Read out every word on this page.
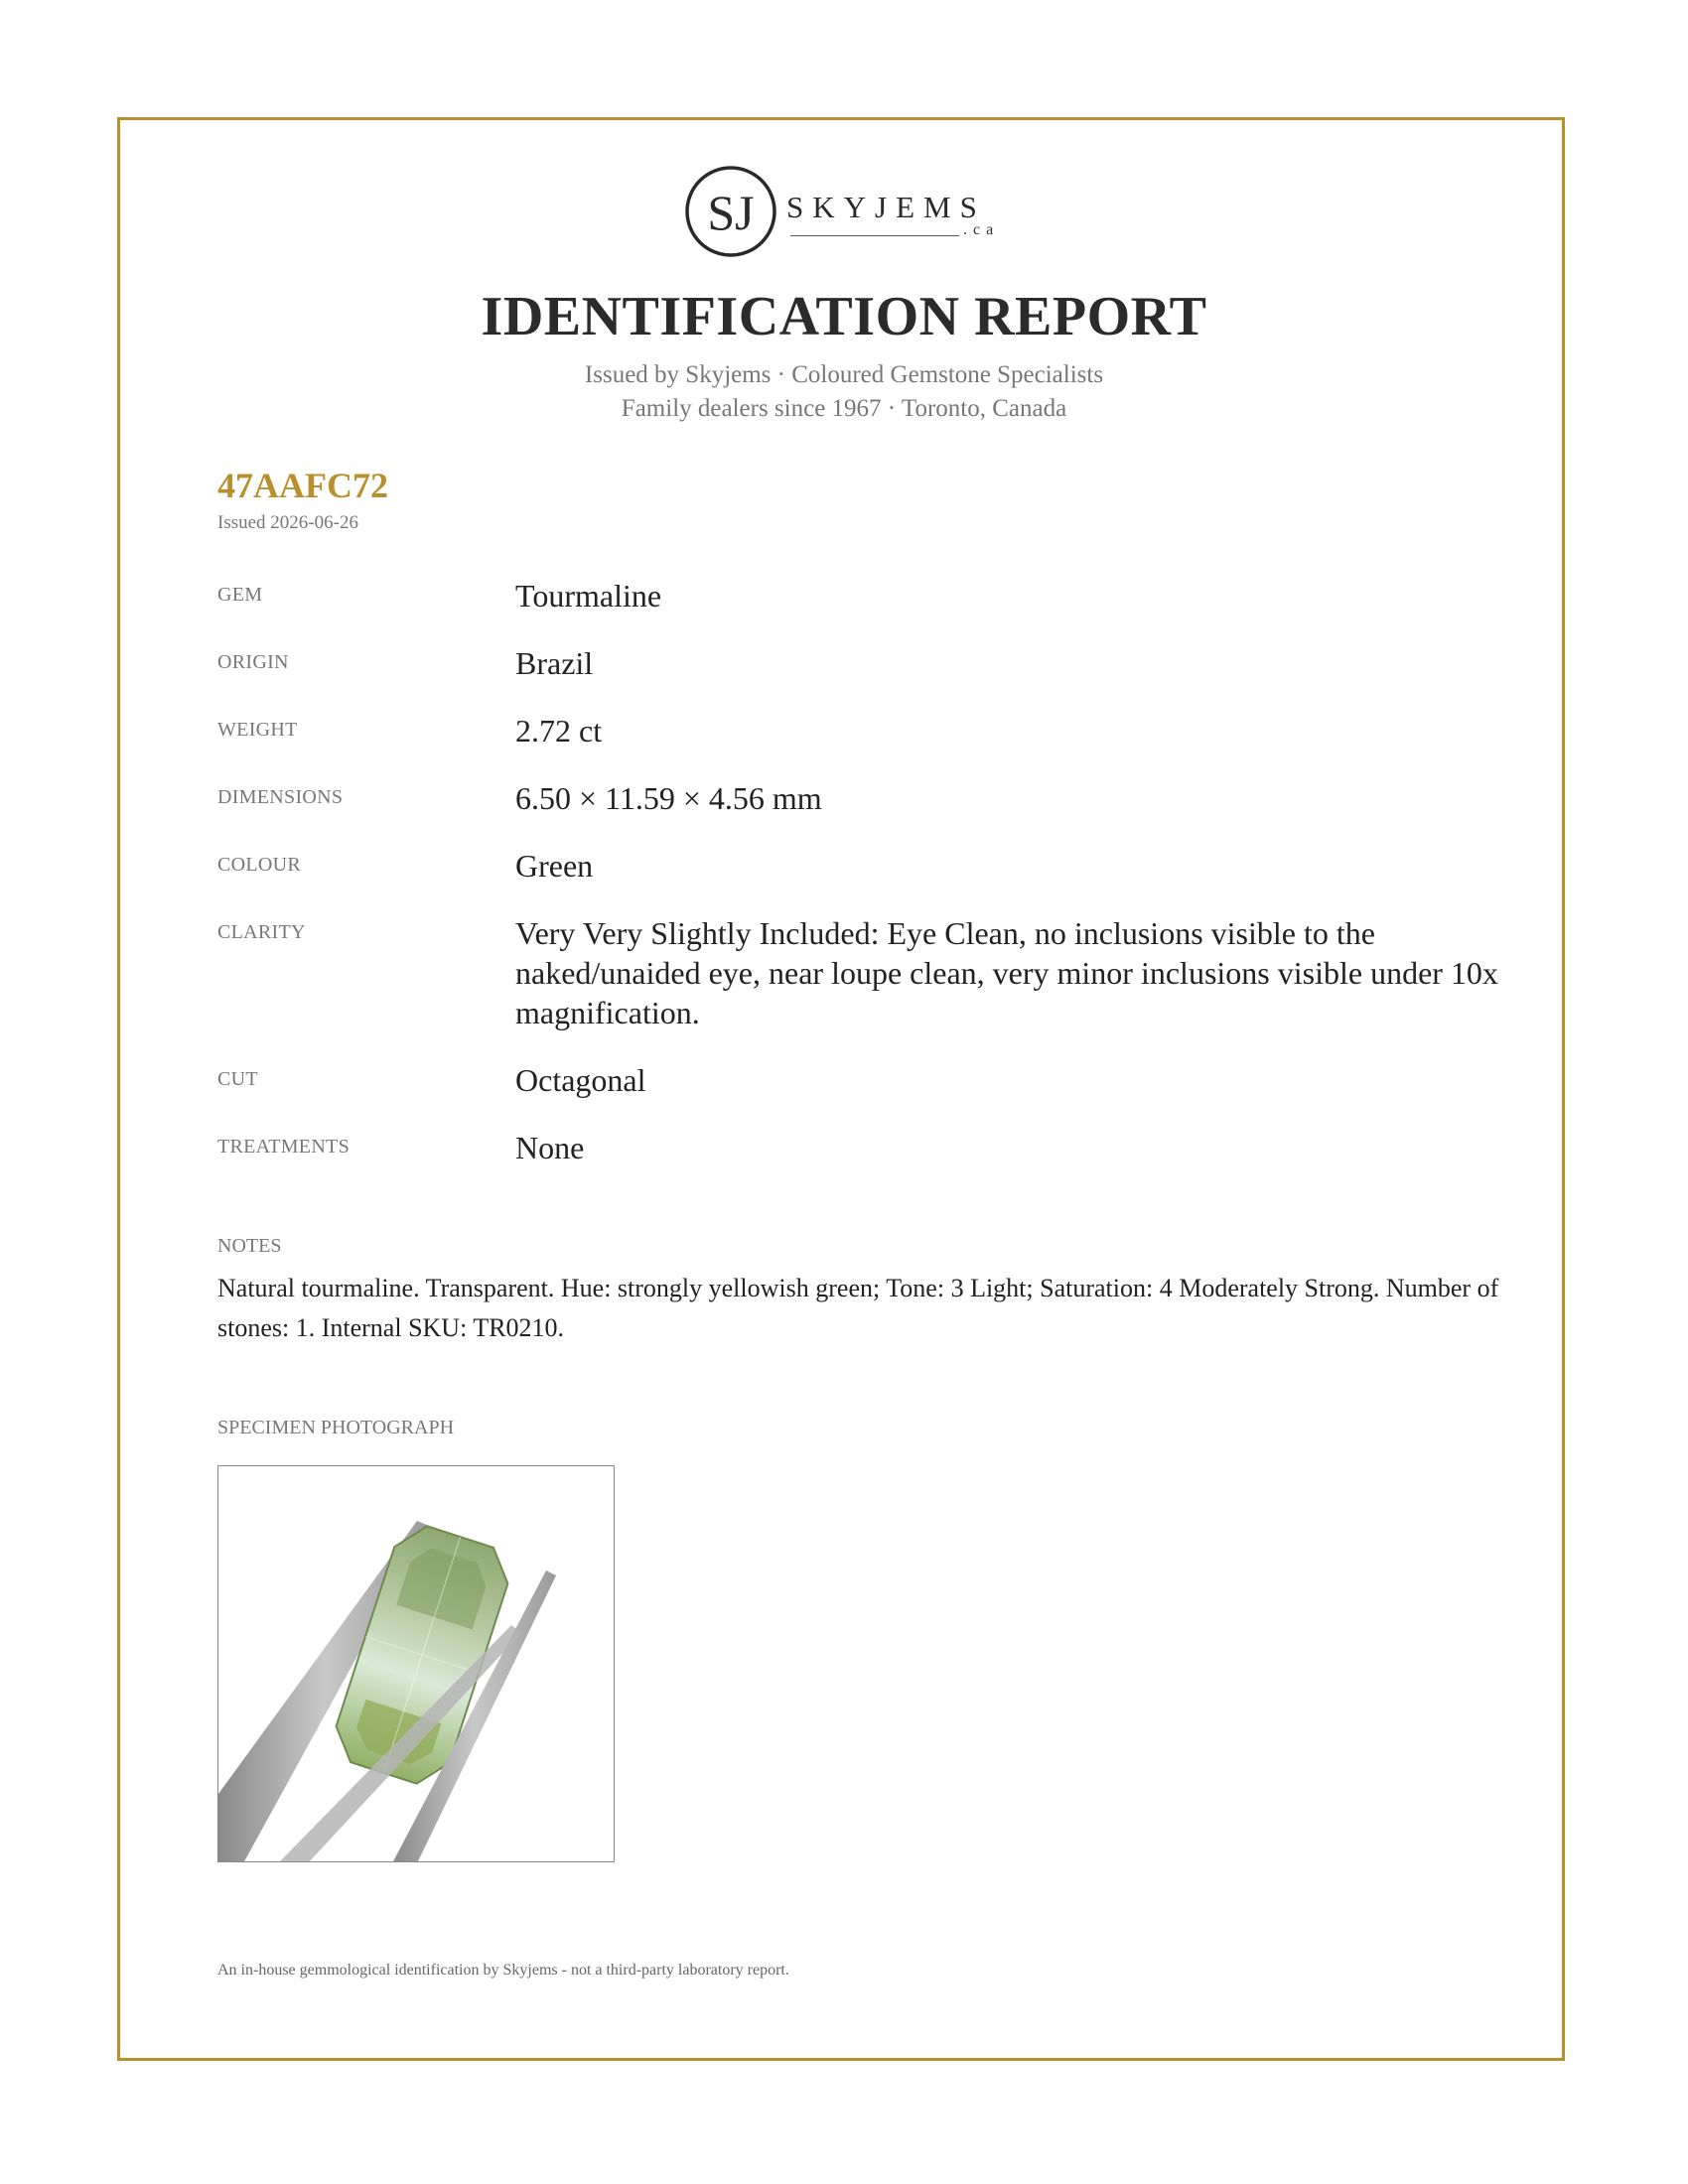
SJ SKYJEMS
.ca
IDENTIFICATION REPORT
Issued by Skyjems · Coloured Gemstone Specialists
Family dealers since 1967 · Toronto, Canada
47AAFC72
Issued 2026-06-26
GEM	Tourmaline
ORIGIN	Brazil
WEIGHT	2.72 ct
DIMENSIONS	6.50 × 11.59 × 4.56 mm
COLOUR	Green
CLARITY	Very Very Slightly Included: Eye Clean, no inclusions visible to the naked/unaided eye, near loupe clean, very minor inclusions visible under 10x magnification.
CUT	Octagonal
TREATMENTS	None
NOTES
Natural tourmaline. Transparent. Hue: strongly yellowish green; Tone: 3 Light; Saturation: 4 Moderately Strong. Number of stones: 1. Internal SKU: TR0210.
SPECIMEN PHOTOGRAPH
An in-house gemmological identification by Skyjems - not a third-party laboratory report.
